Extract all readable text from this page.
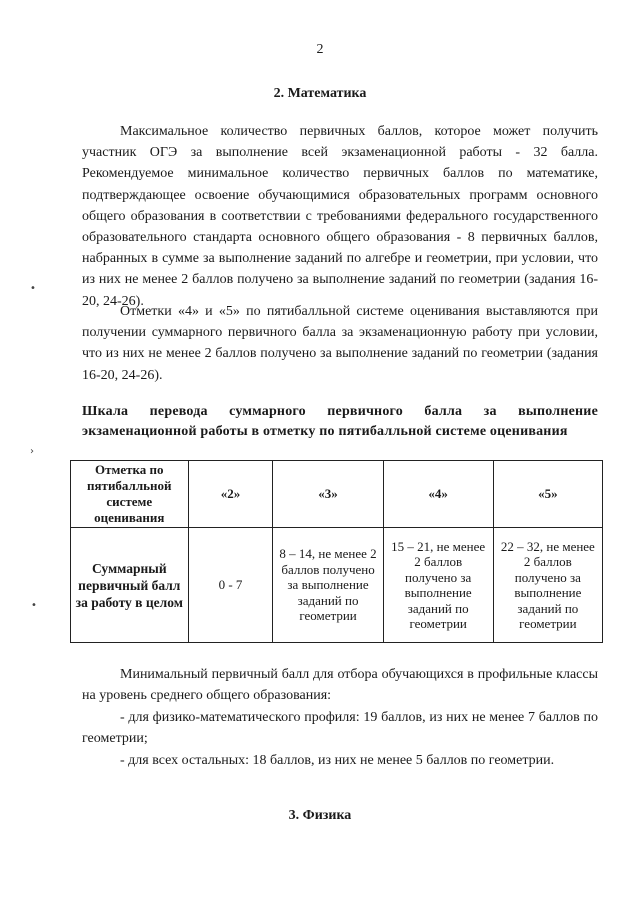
2
2. Математика

Максимальное количество первичных баллов, которое может получить участник ОГЭ за выполнение всей экзаменационной работы - 32 балла. Рекомендуемое минимальное количество первичных баллов по математике, подтверждающее освоение обучающимися образовательных программ основного общего образования в соответствии с требованиями федерального государственного образовательного стандарта основного общего образования - 8 первичных баллов, набранных в сумме за выполнение заданий по алгебре и геометрии, при условии, что из них не менее 2 баллов получено за выполнение заданий по геометрии (задания 16-20, 24-26).

Отметки «4» и «5» по пятибалльной системе оценивания выставляются при получении суммарного первичного балла за экзаменационную работу при условии, что из них не менее 2 баллов получено за выполнение заданий по геометрии (задания 16-20, 24-26).

Шкала перевода суммарного первичного балла за выполнение экзаменационной работы в отметку по пятибалльной системе оценивания
Отметка по пятибалльной системе оценивания	«2»	«3»	«4»	«5»
Суммарный первичный балл за работу в целом	0 - 7	8 – 14, не менее 2 баллов получено за выполнение заданий по геометрии	15 – 21, не менее 2 баллов получено за выполнение заданий по геометрии	22 – 32, не менее 2 баллов получено за выполнение заданий по геометрии

Минимальный первичный балл для отбора обучающихся в профильные классы на уровень среднего общего образования:

- для физико-математического профиля: 19 баллов, из них не менее 7 баллов по геометрии;

- для всех остальных: 18 баллов, из них не менее 5 баллов по геометрии.

3. Физика
•
›
•
